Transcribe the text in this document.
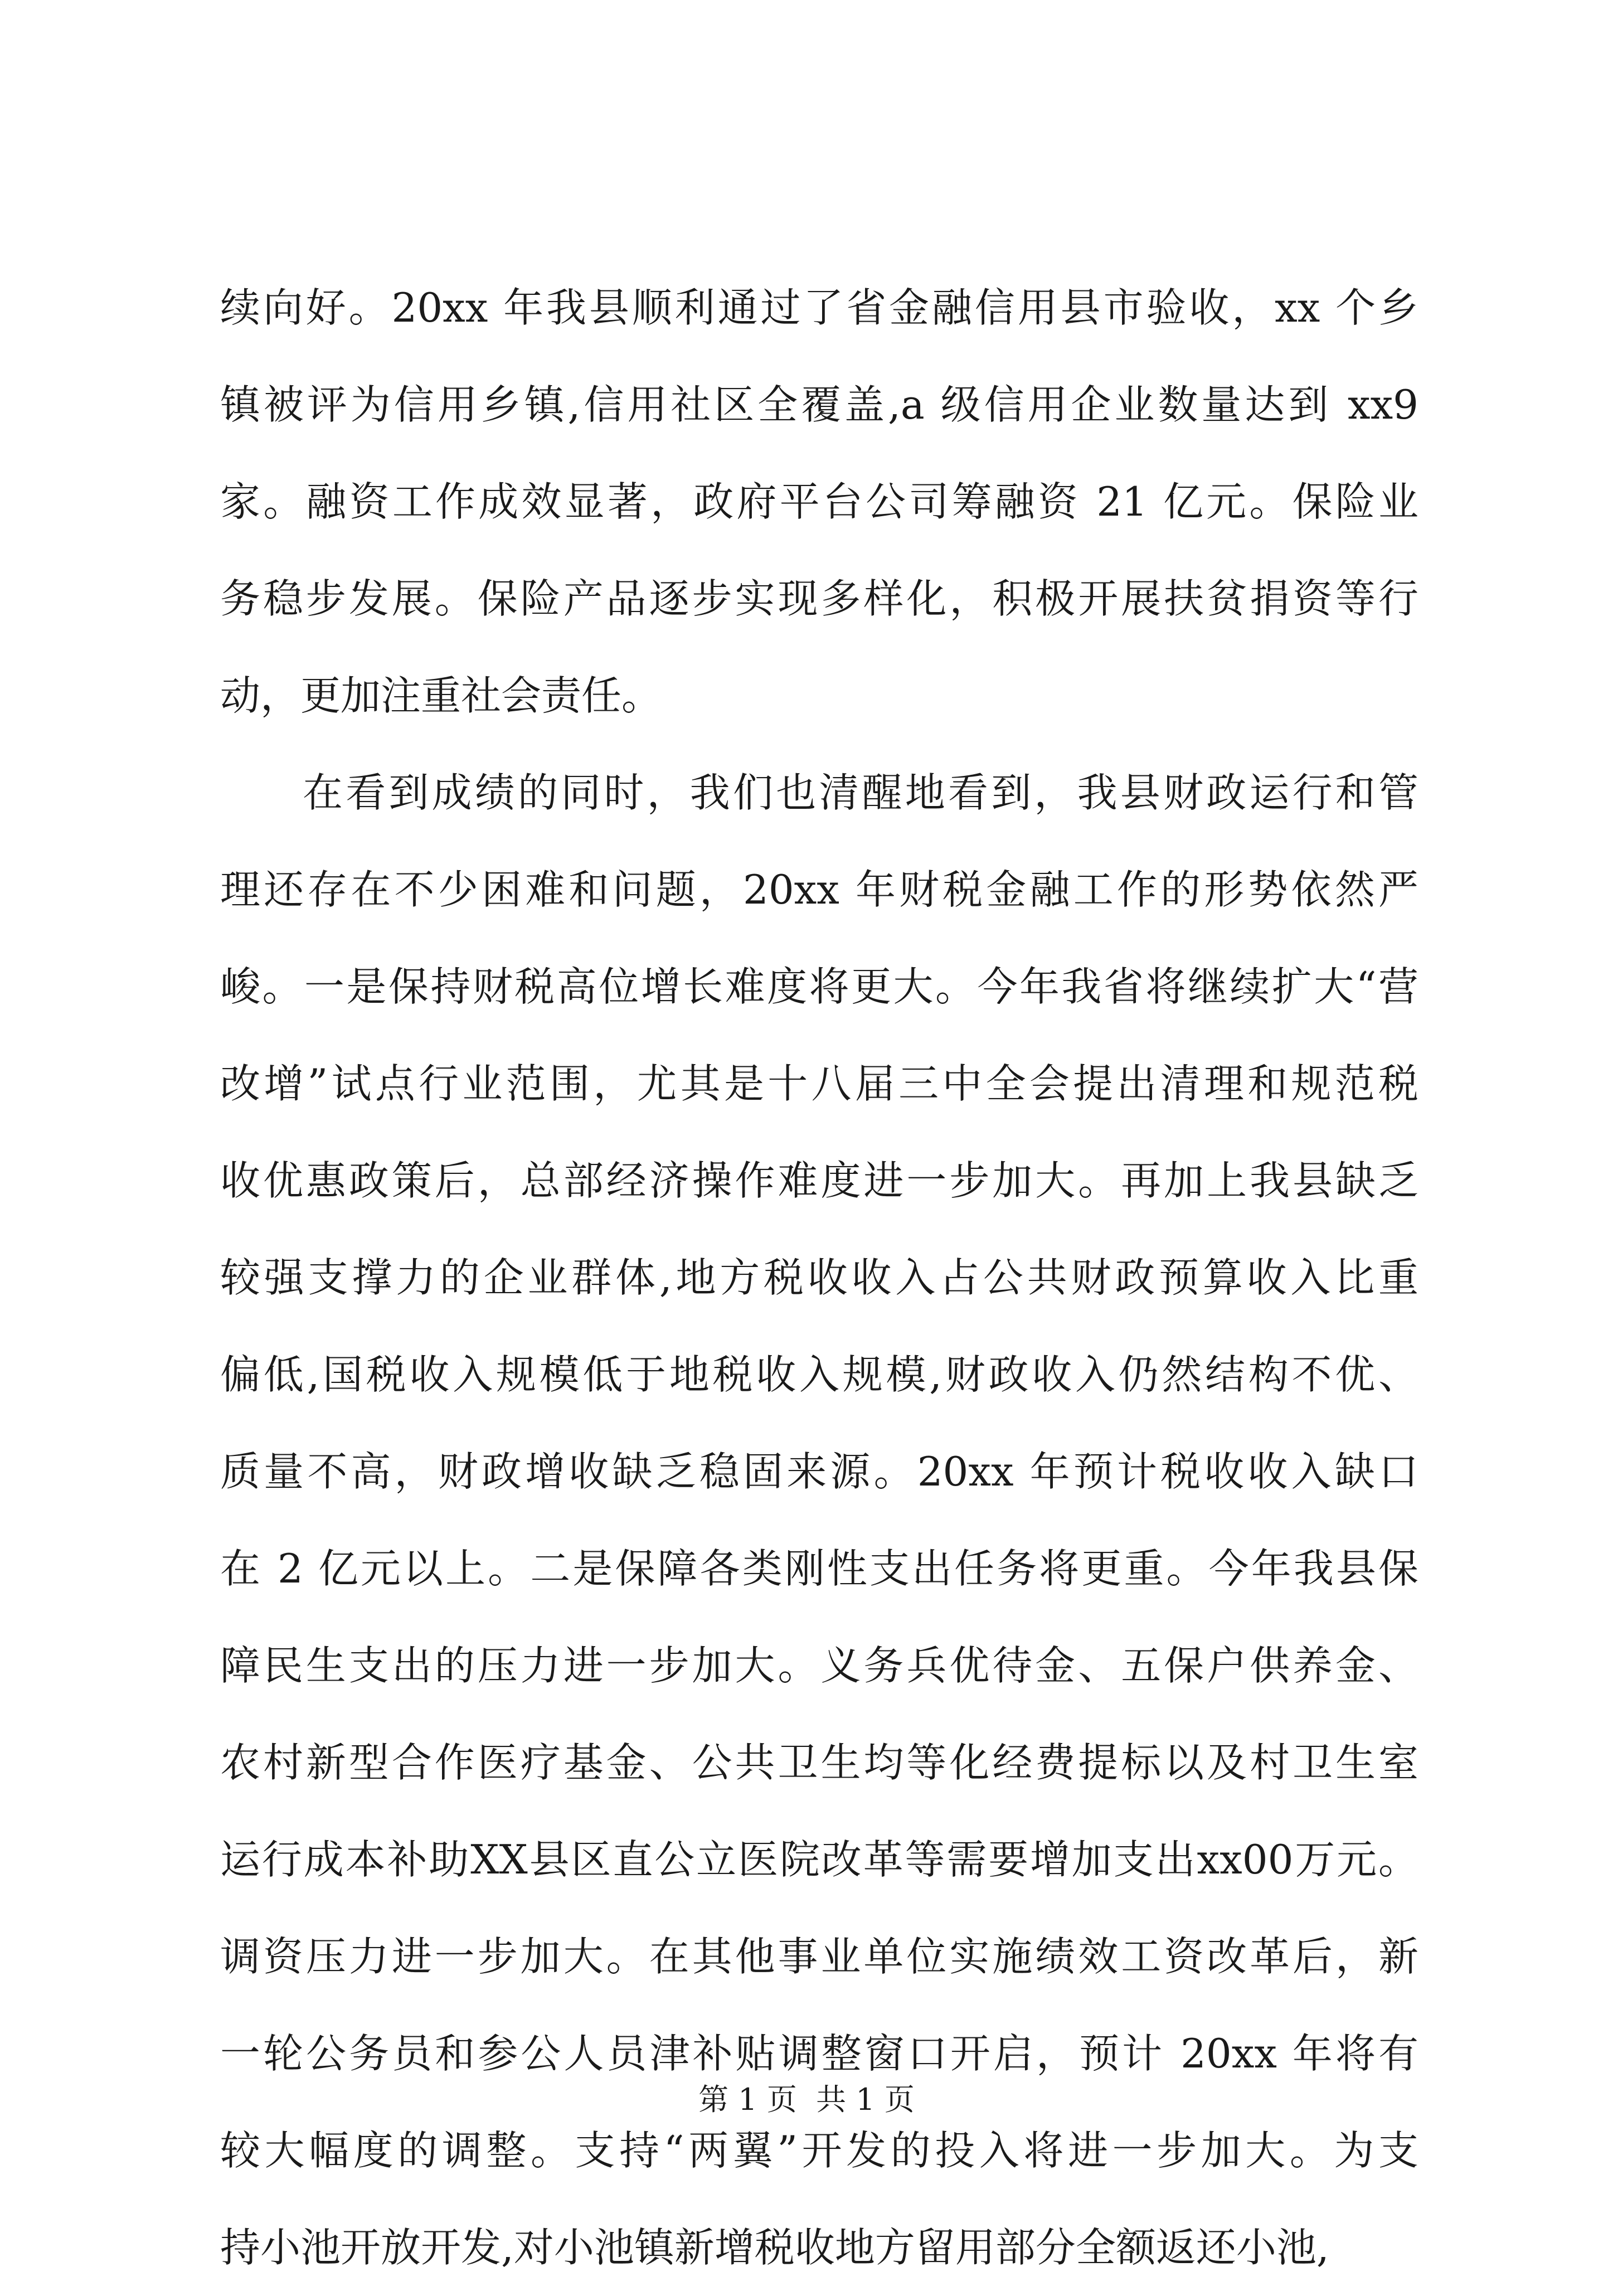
续向好。20xx 年我县顺利通过了省金融信用县市验收，xx 个乡
镇被评为信用乡镇,信用社区全覆盖,a 级信用企业数量达到 xx9
家。融资工作成效显著，政府平台公司筹融资 21 亿元。保险业
务稳步发展。保险产品逐步实现多样化，积极开展扶贫捐资等行
动，更加注重社会责任。
在看到成绩的同时，我们也清醒地看到，我县财政运行和管
理还存在不少困难和问题，20xx 年财税金融工作的形势依然严
峻。一是保持财税高位增长难度将更大。今年我省将继续扩大“营
改增”试点行业范围，尤其是十八届三中全会提出清理和规范税
收优惠政策后，总部经济操作难度进一步加大。再加上我县缺乏
较强支撑力的企业群体,地方税收收入占公共财政预算收入比重
偏低,国税收入规模低于地税收入规模,财政收入仍然结构不优、
质量不高，财政增收缺乏稳固来源。20xx 年预计税收收入缺口
在 2 亿元以上。二是保障各类刚性支出任务将更重。今年我县保
障民生支出的压力进一步加大。义务兵优待金、五保户供养金、
农村新型合作医疗基金、公共卫生均等化经费提标以及村卫生室
运行成本补助XX县区直公立医院改革等需要增加支出xx00万元。
调资压力进一步加大。在其他事业单位实施绩效工资改革后，新
一轮公务员和参公人员津补贴调整窗口开启，预计 20xx 年将有
较大幅度的调整。支持“两翼”开发的投入将进一步加大。为支
持小池开放开发,对小池镇新增税收地方留用部分全额返还小池,
第 1 页  共 1 页
